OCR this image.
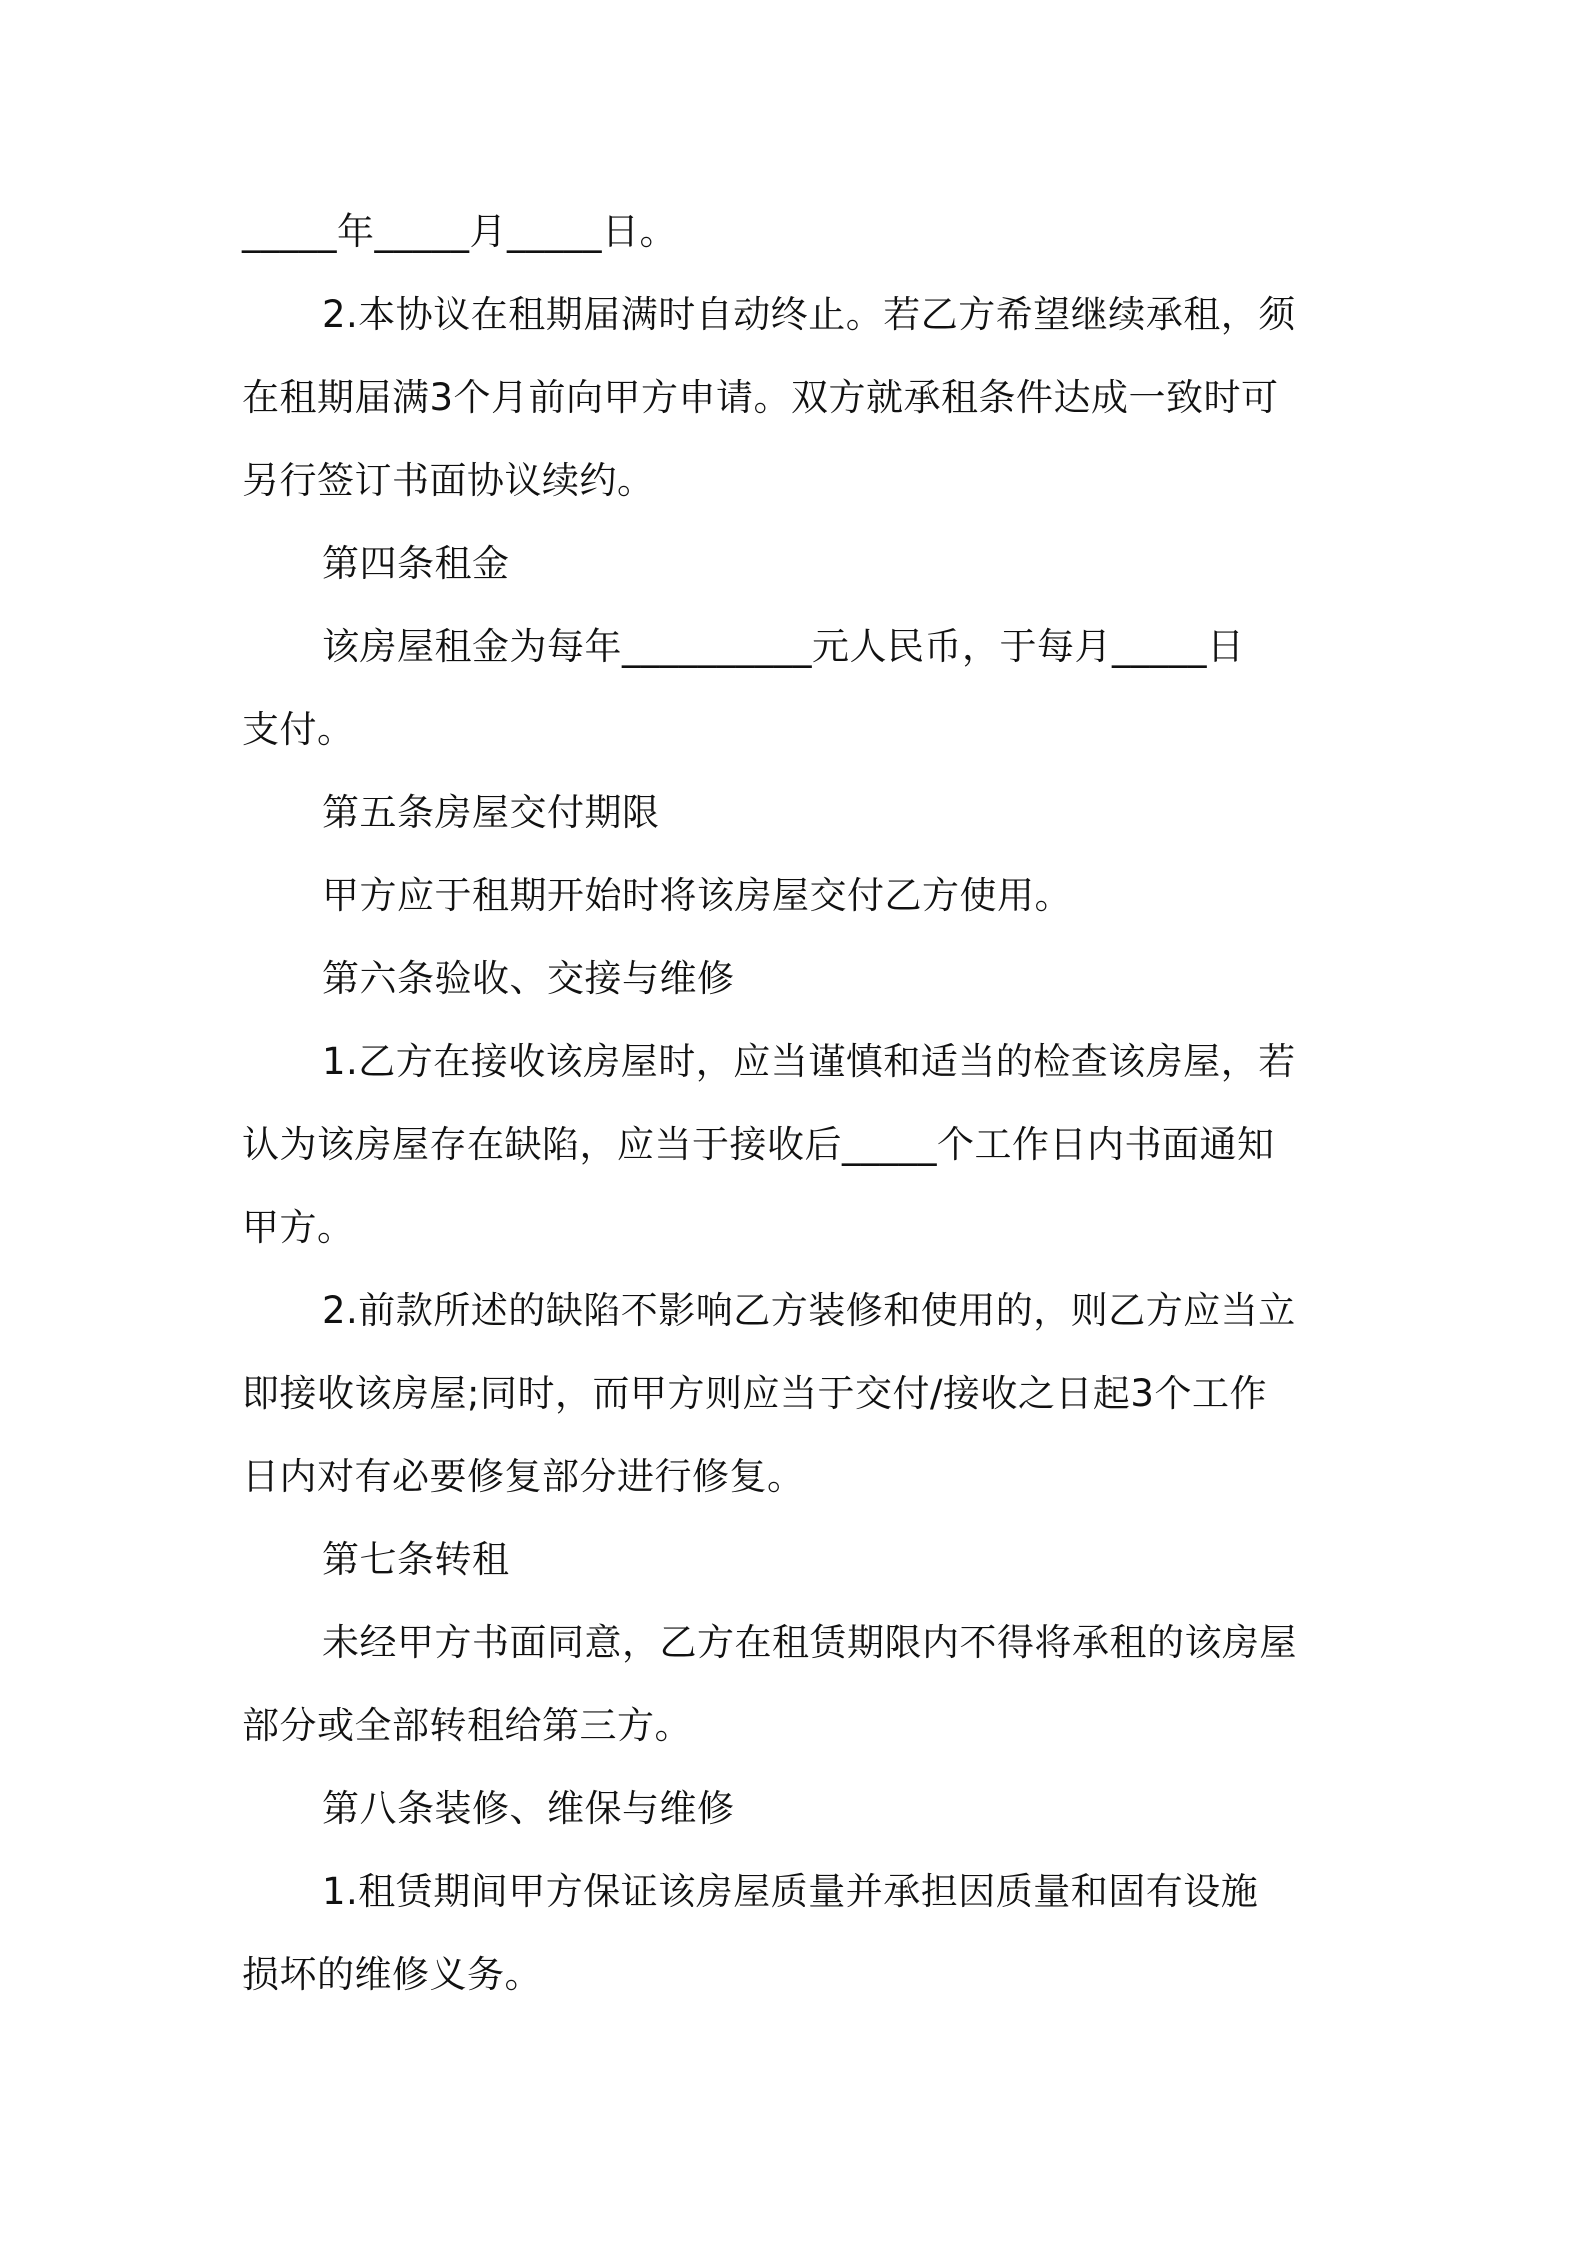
_____年_____月_____日。
2.本协议在租期届满时自动终止。若乙方希望继续承租，须
在租期届满3个月前向甲方申请。双方就承租条件达成一致时可
另行签订书面协议续约。
第四条租金
该房屋租金为每年__________元人民币，于每月_____日
支付。
第五条房屋交付期限
甲方应于租期开始时将该房屋交付乙方使用。
第六条验收、交接与维修
1.乙方在接收该房屋时，应当谨慎和适当的检查该房屋，若
认为该房屋存在缺陷，应当于接收后_____个工作日内书面通知
甲方。
2.前款所述的缺陷不影响乙方装修和使用的，则乙方应当立
即接收该房屋;同时，而甲方则应当于交付/接收之日起3个工作
日内对有必要修复部分进行修复。
第七条转租
未经甲方书面同意，乙方在租赁期限内不得将承租的该房屋
部分或全部转租给第三方。
第八条装修、维保与维修
1.租赁期间甲方保证该房屋质量并承担因质量和固有设施
损坏的维修义务。
